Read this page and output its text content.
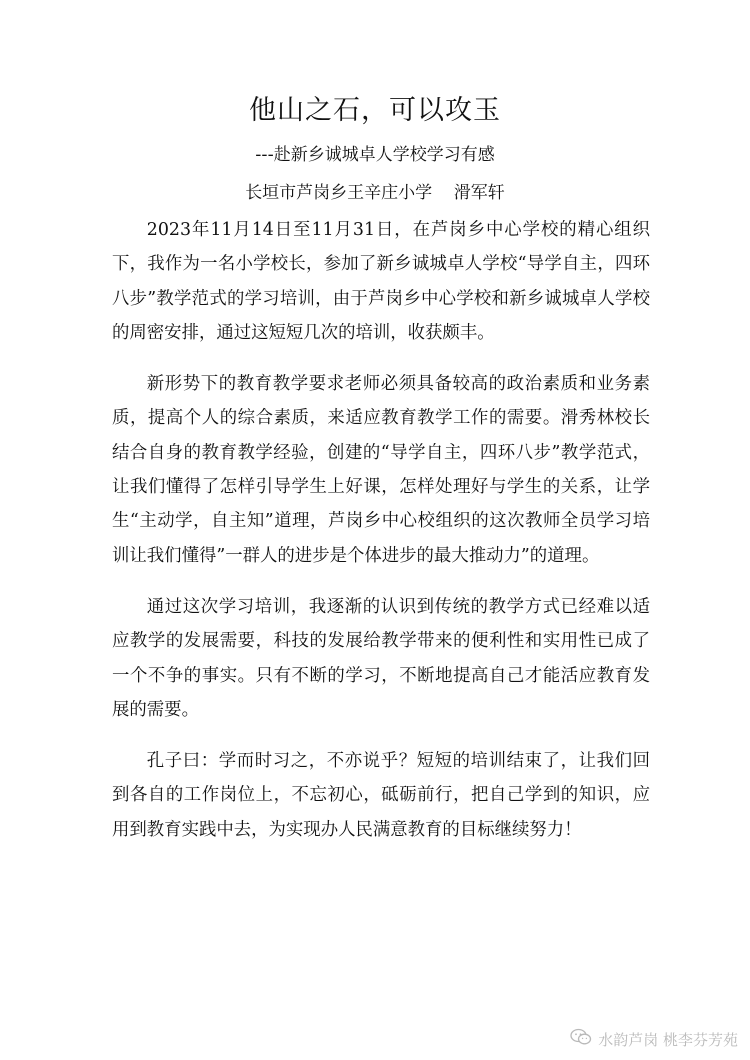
他山之石，可以攻玉
---赴新乡诚城卓人学校学习有感
长垣市芦岗乡王辛庄小学    滑军轩

2023年11月14日至11月31日，在芦岗乡中心学校的精心组织下，我作为一名小学校长，参加了新乡诚城卓人学校“导学自主，四环八步”教学范式的学习培训，由于芦岗乡中心学校和新乡诚城卓人学校的周密安排，通过这短短几次的培训，收获颇丰。

新形势下的教育教学要求老师必须具备较高的政治素质和业务素质，提高个人的综合素质，来适应教育教学工作的需要。滑秀林校长结合自身的教育教学经验，创建的“导学自主，四环八步”教学范式，让我们懂得了怎样引导学生上好课，怎样处理好与学生的关系，让学生“主动学，自主知”道理，芦岗乡中心校组织的这次教师全员学习培训让我们懂得”一群人的进步是个体进步的最大推动力”的道理。

通过这次学习培训，我逐渐的认识到传统的教学方式已经难以适应教学的发展需要，科技的发展给教学带来的便利性和实用性已成了一个不争的事实。只有不断的学习，不断地提高自己才能活应教育发展的需要。

孔子曰：学而时习之，不亦说乎？短短的培训结束了，让我们回到各自的工作岗位上，不忘初心，砥砺前行，把自己学到的知识，应用到教育实践中去，为实现办人民满意教育的目标继续努力！

水韵芦岗 桃李芬芳苑
